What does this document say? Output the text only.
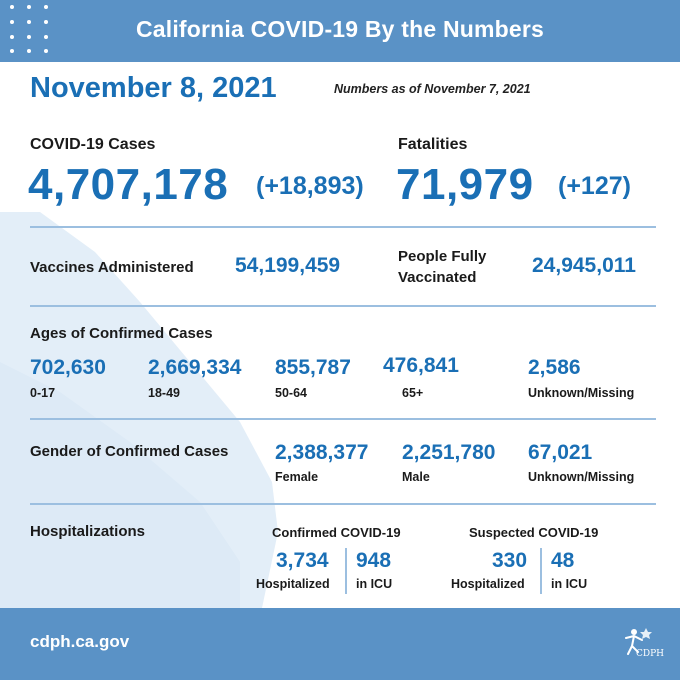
California COVID-19 By the Numbers
November 8, 2021	Numbers as of November 7, 2021
COVID-19 Cases
4,707,178 (+18,893)
Fatalities
71,979 (+127)
Vaccines Administered 54,199,459	People Fully
Vaccinated
24,945,011
Ages of Confirmed Cases
702,630
0-17
2,669,334
18-49
855,787
50-64
476,841
65+
2,586
Unknown/Missing
Gender of Confirmed Cases 2,388,377
Female
2,251,780
Male
67,021
Unknown/Missing
Hospitalizations	Confirmed COVID-19
3,734
Hospitalized
948
in ICU
Suspected COVID-19
330
Hospitalized
48
in ICU
cdph.ca.gov
CDPH
